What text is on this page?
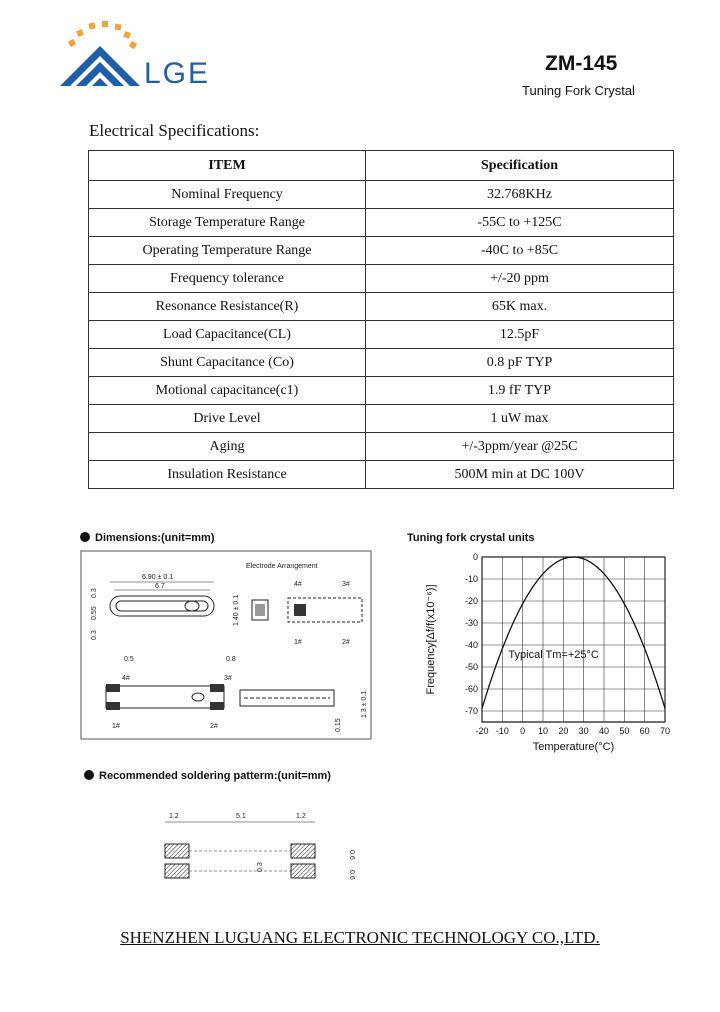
LGE	ZM-145
Tuning Fork Crystal
Electrical Specifications:
ITEM	Specification
Nominal Frequency	32.768KHz
Storage Temperature Range	-55C to +125C
Operating Temperature Range	-40C to +85C
Frequency tolerance	+/-20 ppm
Resonance Resistance(R)	65K max.
Load Capacitance(CL)	12.5pF
Shunt Capacitance (Co)	0.8 pF TYP
Motional capacitance(c1)	1.9 fF TYP
Drive Level	1 uW max
Aging	+/-3ppm/year @25C
Insulation Resistance	500M min at DC 100V
Dimensions:(unit=mm)	Tuning fork crystal units
Recommended soldering patterm:(unit=mm)
6.90 ± 0.1
6.7
0.3
0.55
0.3
1.40 ± 0.1
Electrode Arrangement
4#	3#
1#	2#
0.5
4#	3#
0.8
1#	2#
1.3 ± 0.1
0.15	-20 -10 0 10 20 30 40 50 60 70
0
-10
-20
-30
-40
-50
-60
-70
Typical Tm=+25°C
Temperature(°C)
Frequency[Δf/f(x10⁻⁶)]
1.2	5.1	1.2
0.6
0.3
0.6
SHENZHEN LUGUANG ELECTRONIC TECHNOLOGY CO.,LTD.
